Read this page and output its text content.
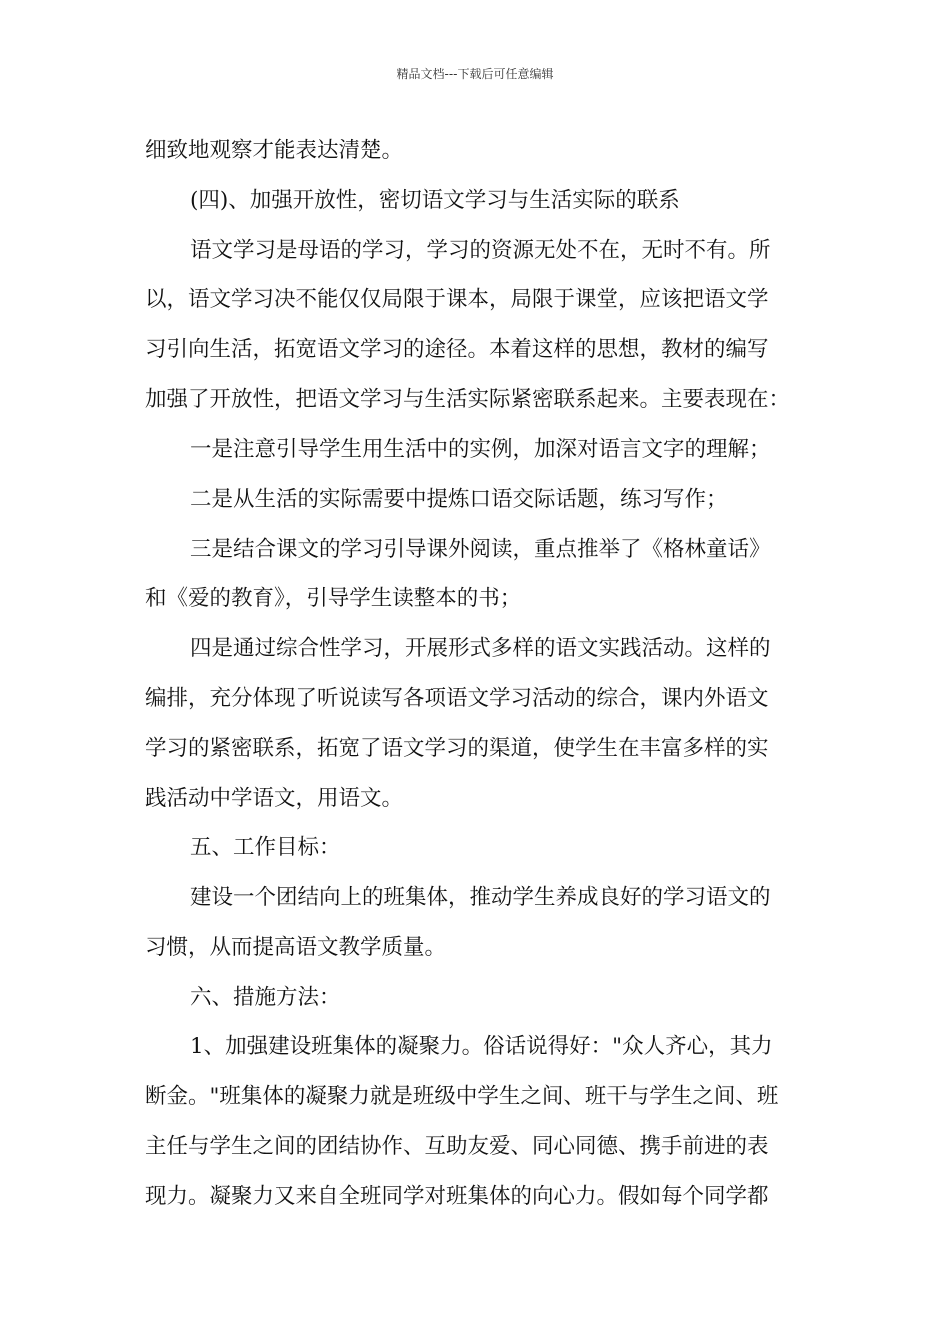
精品文档---下载后可任意编辑
细致地观察才能表达清楚。
(四)、加强开放性，密切语文学习与生活实际的联系
语文学习是母语的学习，学习的资源无处不在，无时不有。所
以，语文学习决不能仅仅局限于课本，局限于课堂，应该把语文学
习引向生活，拓宽语文学习的途径。本着这样的思想，教材的编写
加强了开放性，把语文学习与生活实际紧密联系起来。主要表现在：
一是注意引导学生用生活中的实例，加深对语言文字的理解；
二是从生活的实际需要中提炼口语交际话题，练习写作；
三是结合课文的学习引导课外阅读，重点推举了《格林童话》
和《爱的教育》，引导学生读整本的书；
四是通过综合性学习，开展形式多样的语文实践活动。这样的
编排，充分体现了听说读写各项语文学习活动的综合，课内外语文
学习的紧密联系，拓宽了语文学习的渠道，使学生在丰富多样的实
践活动中学语文，用语文。
五、工作目标：
建设一个团结向上的班集体，推动学生养成良好的学习语文的
习惯，从而提高语文教学质量。
六、措施方法：
1、加强建设班集体的凝聚力。俗话说得好："众人齐心，其力
断金。"班集体的凝聚力就是班级中学生之间、班干与学生之间、班
主任与学生之间的团结协作、互助友爱、同心同德、携手前进的表
现力。凝聚力又来自全班同学对班集体的向心力。假如每个同学都
